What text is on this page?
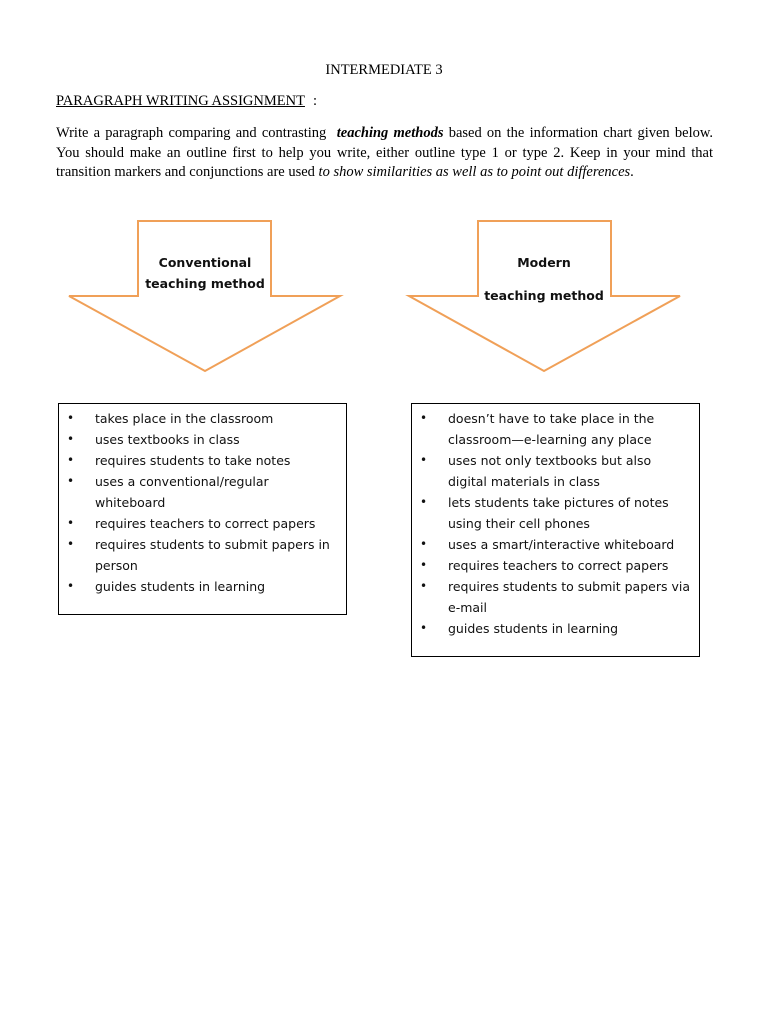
INTERMEDIATE 3
PARAGRAPH WRITING ASSIGNMENT :
Write a paragraph comparing and contrasting teaching methods based on the information chart given below. You should make an outline first to help you write, either outline type 1 or type 2. Keep in your mind that transition markers and conjunctions are used to show similarities as well as to point out differences.
Conventional
teaching method
Modern
teaching method
• takes place in the classroom
• uses textbooks in class
• requires students to take notes
• uses a conventional/regular whiteboard
• requires teachers to correct papers
• requires students to submit papers in person
• guides students in learning
• doesn’t have to take place in the classroom—e-learning any place
• uses not only textbooks but also digital materials in class
• lets students take pictures of notes using their cell phones
• uses a smart/interactive whiteboard
• requires teachers to correct papers
• requires students to submit papers via e-mail
• guides students in learning
